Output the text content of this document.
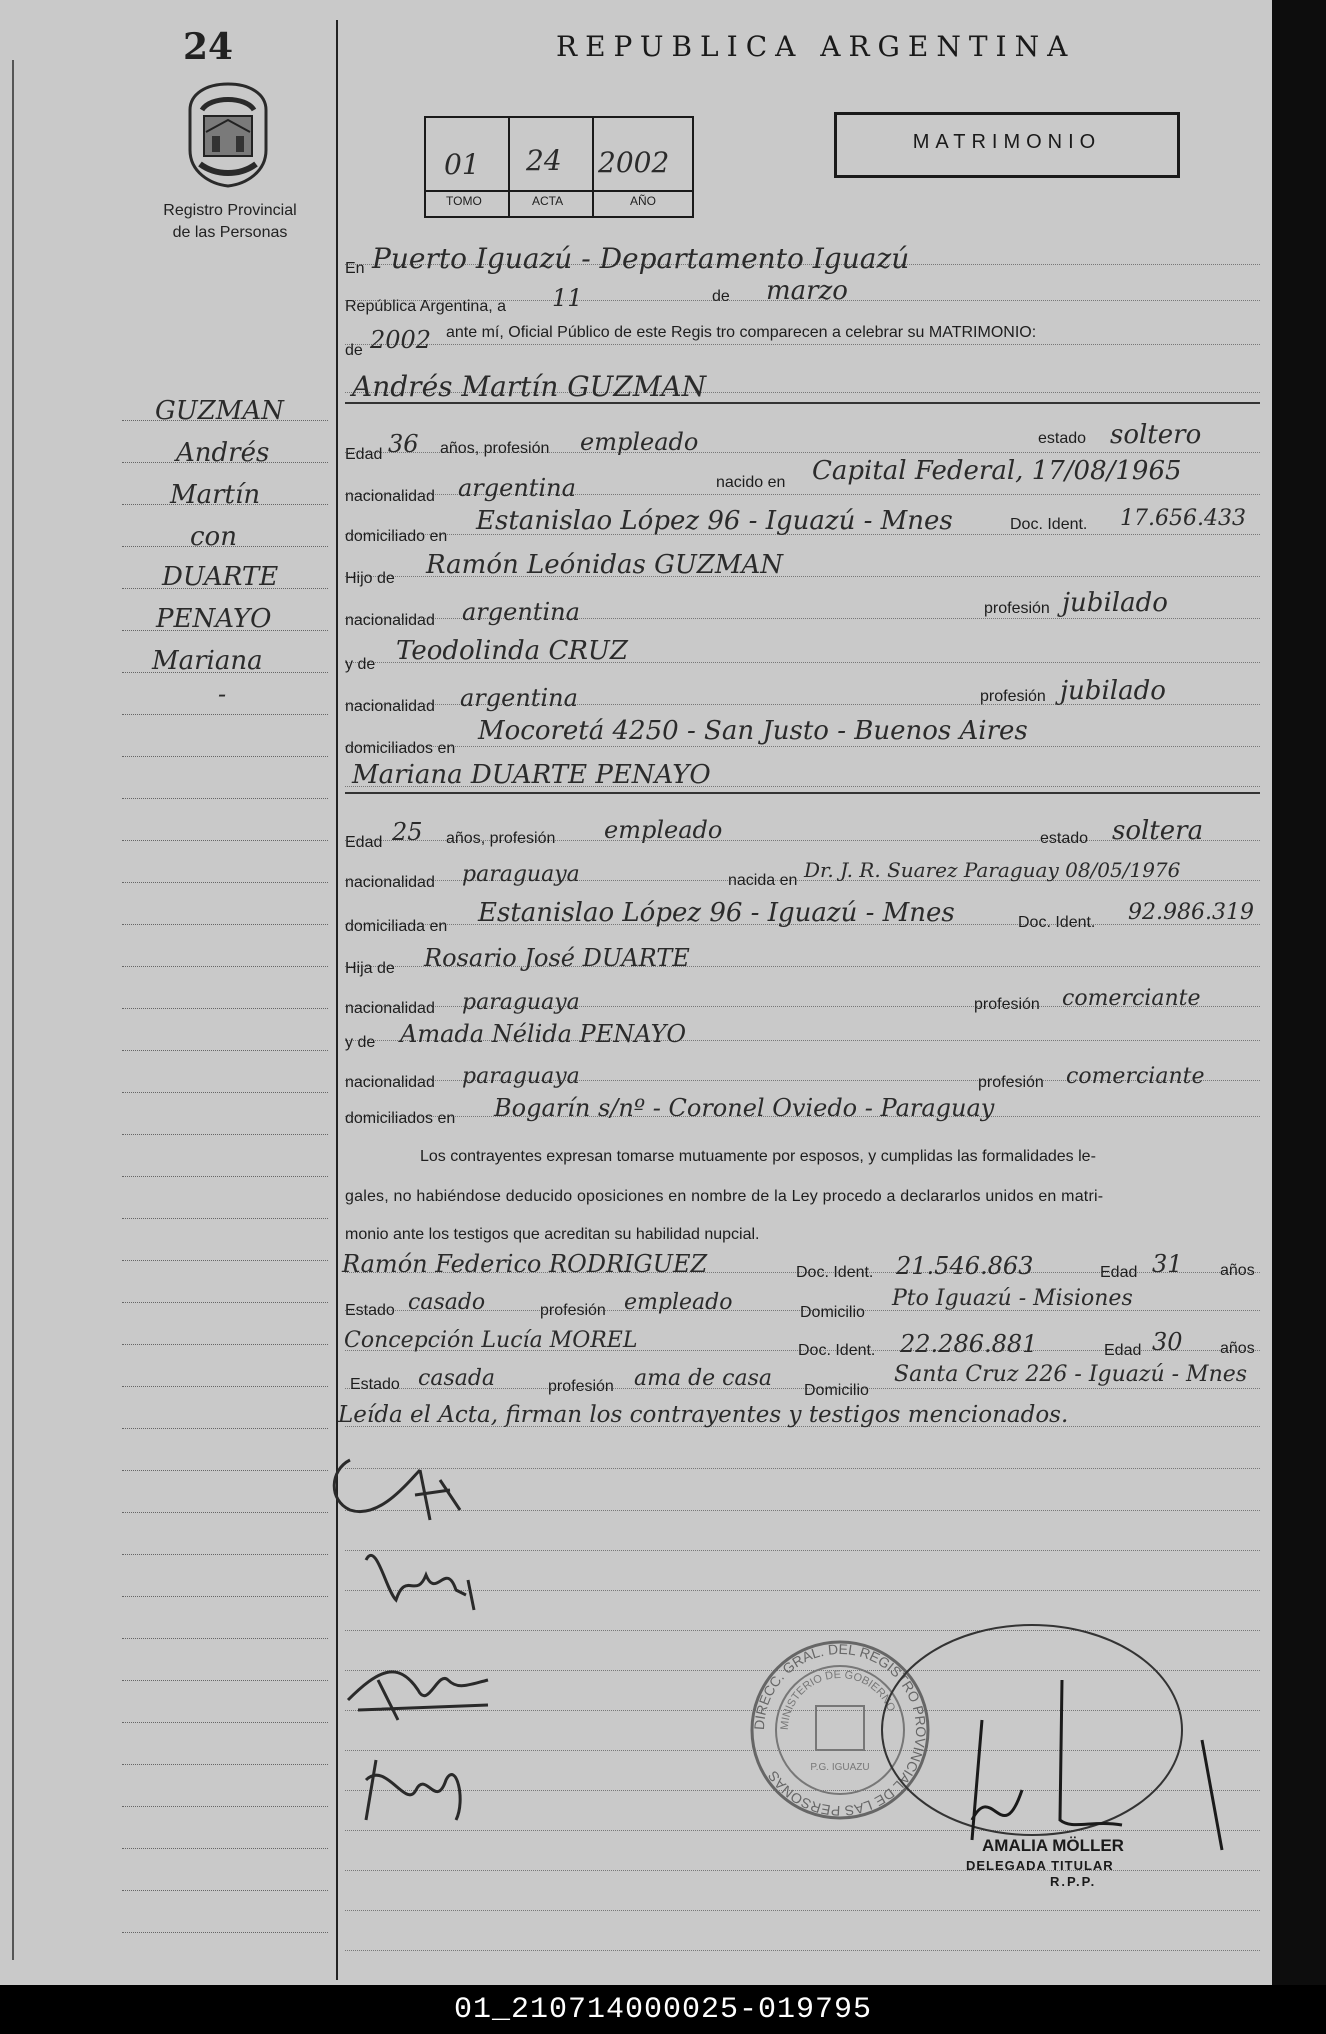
24
Registro Provincial
de las Personas
GUZMAN
Andrés
Martín
con
DUARTE
PENAYO
Mariana
-
REPUBLICA ARGENTINA
01 24 2002
TOMO	ACTA	AÑO
MATRIMONIO
En Puerto Iguazú - Departamento Iguazú
República Argentina, a 11	de marzo
de 2002 ante mí, Oficial Público de este Regis tro comparecen a celebrar su MATRIMONIO:
Andrés Martín GUZMAN
Edad 36 años, profesión empleado	estado soltero
nacionalidad argentina	nacido en Capital Federal, 17/08/1965
domiciliado en
Estanislao López 96 - Iguazú - Mnes	Doc. Ident. 17.656.433
Hijo de Ramón Leónidas GUZMAN
nacionalidad argentina	profesión jubilado
y de Teodolinda CRUZ
nacionalidad argentina	profesión jubilado
domiciliados en
Mocoretá 4250 - San Justo - Buenos Aires
Mariana DUARTE PENAYO
Edad 25 años, profesión empleado	estado soltera
nacionalidad paraguaya	nacida en Dr. J. R. Suarez Paraguay 08/05/1976
domiciliada en Estanislao López 96 - Iguazú - Mnes	Doc. Ident. 92.986.319
Hija de Rosario José DUARTE
nacionalidad paraguaya	profesión comerciante
y de Amada Nélida PENAYO
nacionalidad paraguaya	profesión comerciante
domiciliados en Bogarín s/nº - Coronel Oviedo - Paraguay
Los contrayentes expresan tomarse mutuamente por esposos, y cumplidas las formalidades le-
gales, no habiéndose deducido oposiciones en nombre de la Ley procedo a declararlos unidos en matri-
monio ante los testigos que acreditan su habilidad nupcial.
Ramón Federico RODRIGUEZ	Doc. Ident. 21.546.863	Edad 31 años
Estado casado	profesión empleado	Domicilio
Pto Iguazú - Misiones
Concepción Lucía MOREL	Doc. Ident. 22.286.881	Edad 30 años
Estado casada	profesión ama de casa Domicilio
Santa Cruz 226 - Iguazú - Mnes
Leída el Acta, firman los contrayentes y testigos mencionados.
DIRECC. GRAL. DEL REGISTRO PROVINCIAL DE LAS PERSONAS
MINISTERIO DE GOBIERNO
P.G. IGUAZU
AMALIA MÖLLER
DELEGADA TITULAR
R.P.P.
01_210714000025-019795
